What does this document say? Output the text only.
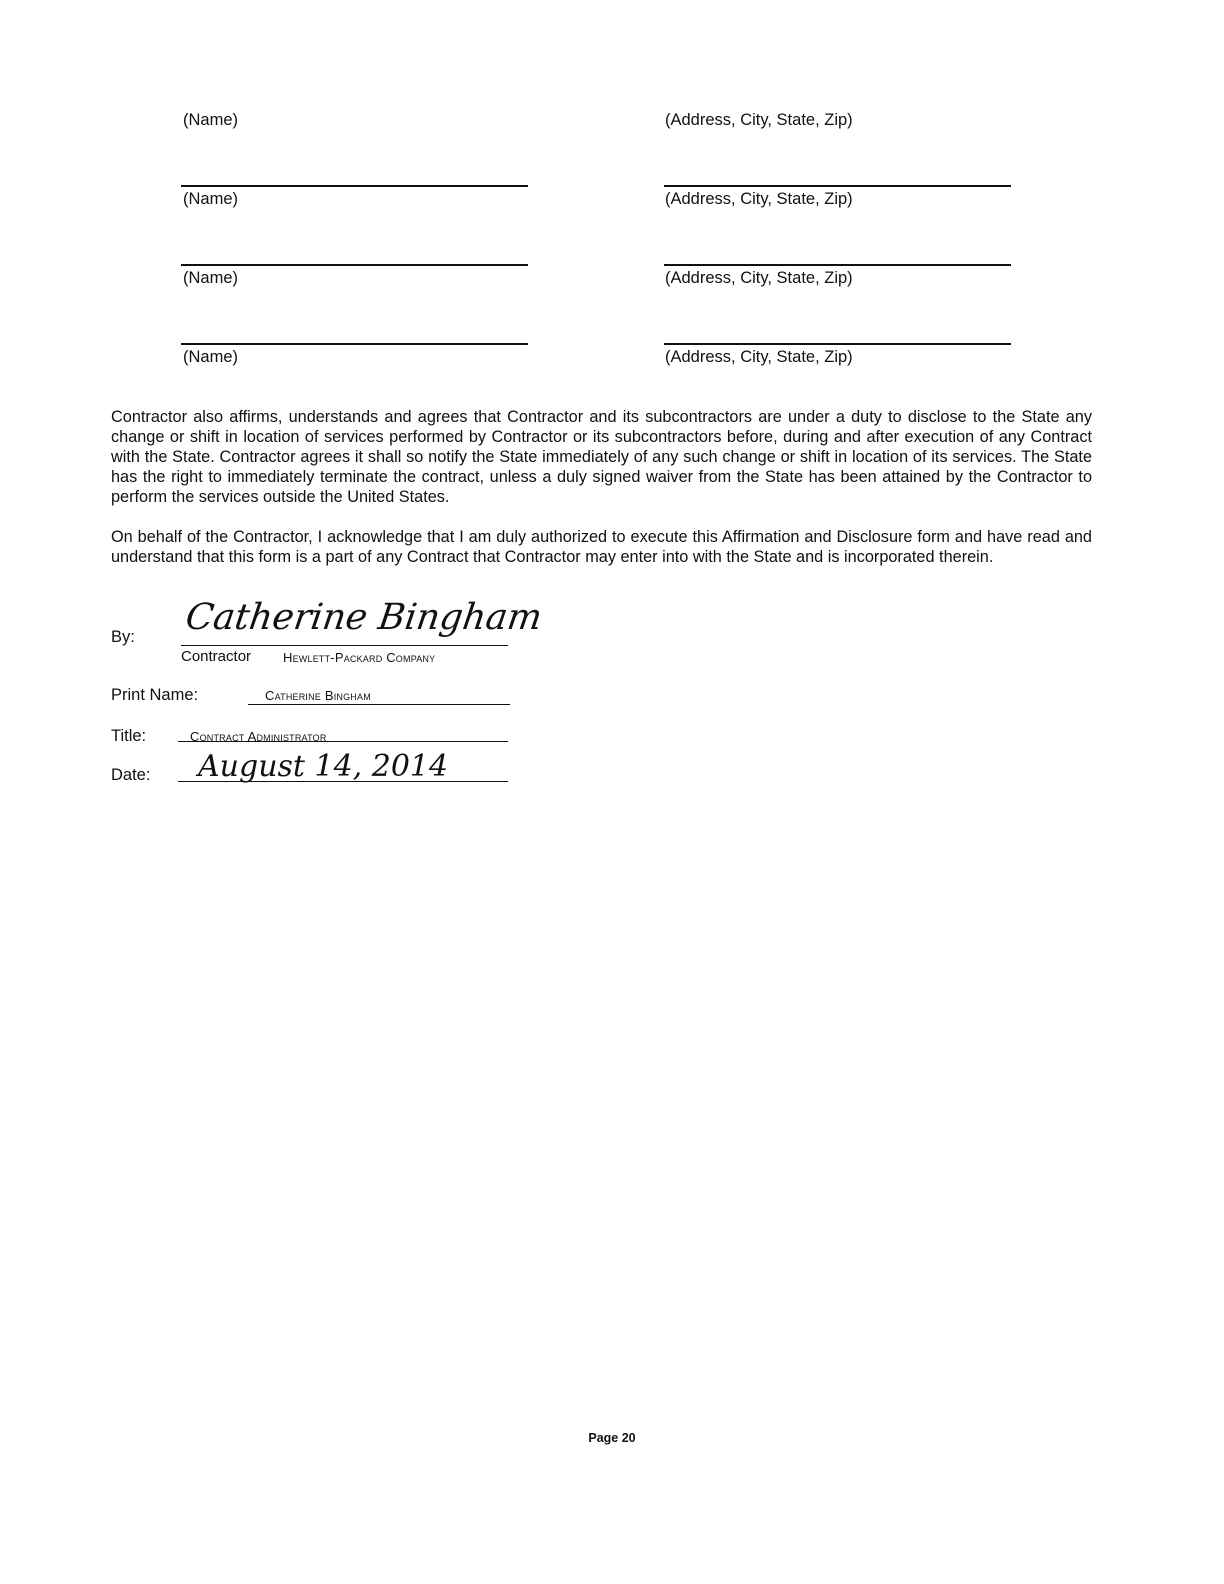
(Name)	(Address, City, State, Zip)
(Name)	(Address, City, State, Zip)
(Name)	(Address, City, State, Zip)
(Name)	(Address, City, State, Zip)
Contractor also affirms, understands and agrees that Contractor and its subcontractors are under a duty to disclose to the State any change or shift in location of services performed by Contractor or its subcontractors before, during and after execution of any Contract with the State. Contractor agrees it shall so notify the State immediately of any such change or shift in location of its services. The State has the right to immediately terminate the contract, unless a duly signed waiver from the State has been attained by the Contractor to perform the services outside the United States.
On behalf of the Contractor, I acknowledge that I am duly authorized to execute this Affirmation and Disclosure form and have read and understand that this form is a part of any Contract that Contractor may enter into with the State and is incorporated therein.
By: Catherine Bingham
Contractor Hewlett-Packard Company
Print Name:	Catherine Bingham
Title:	Contract Administrator
Date: August 14, 2014
Page 20
